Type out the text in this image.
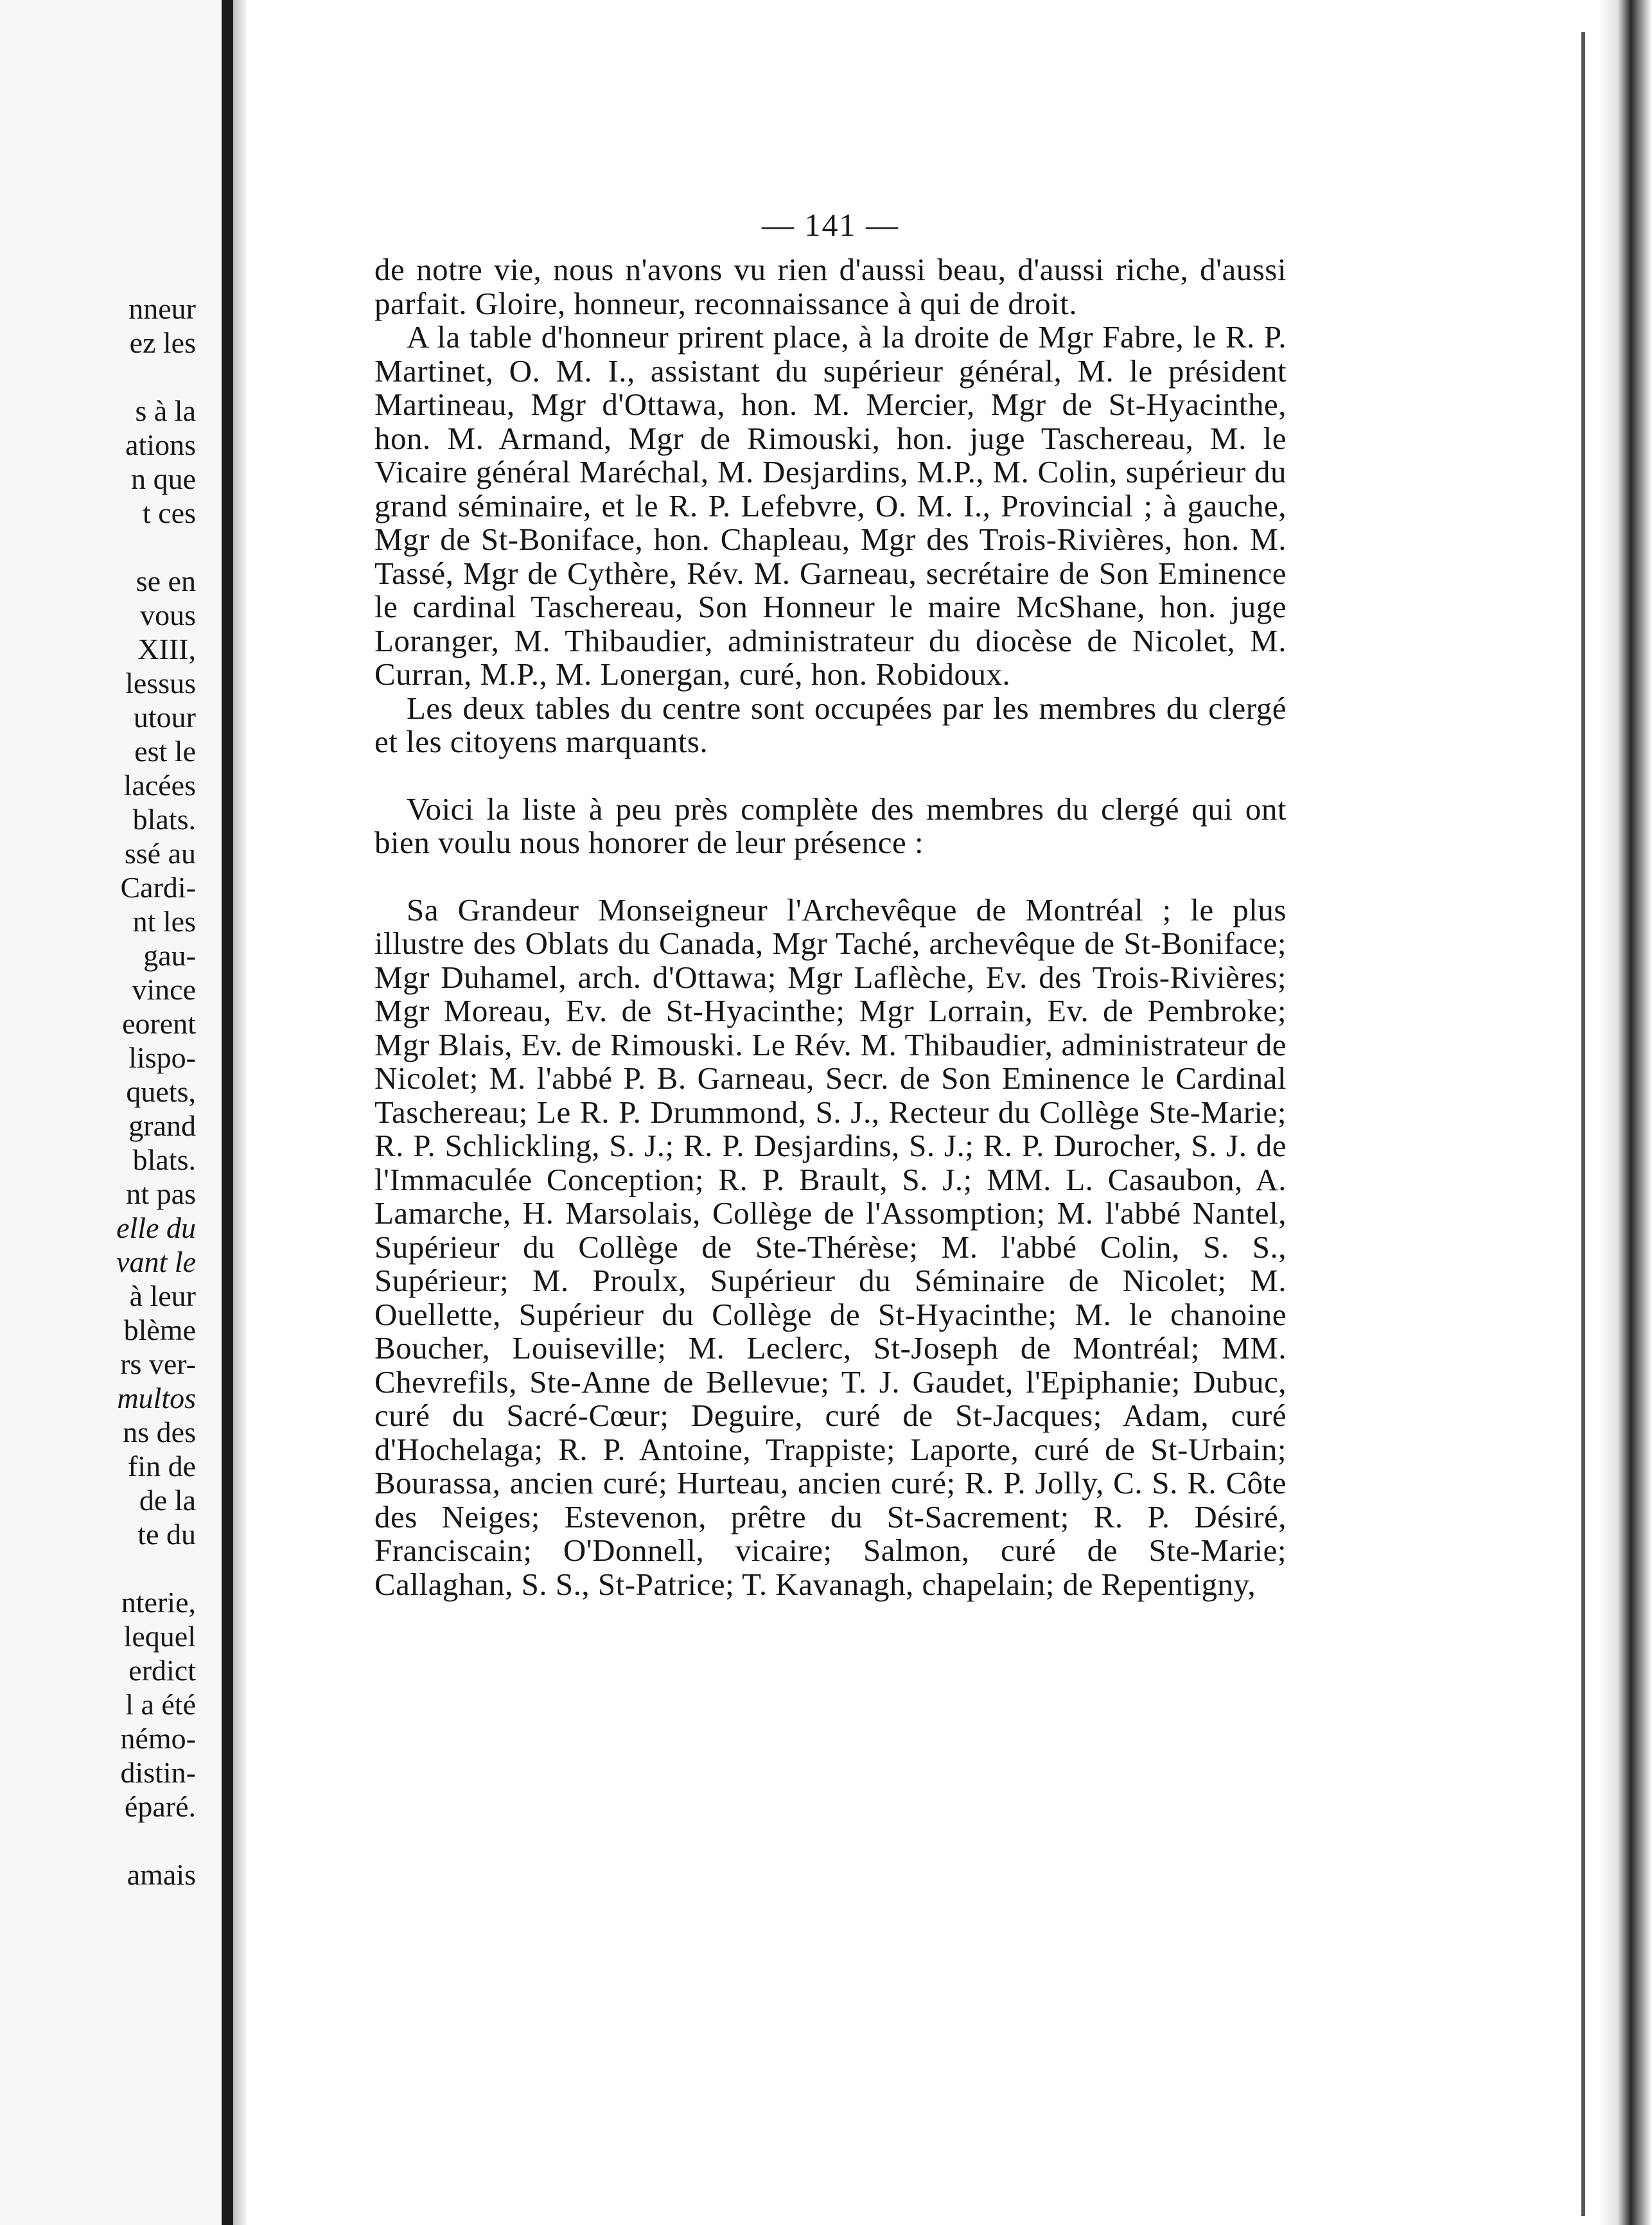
nneur
ez les
s à la
ations
n que
t ces
se en
vous
XIII,
lessus
utour
est le
lacées
blats.
ssé au
Cardi-
nt les
gau-
vince
eorent
lispo-
quets,
grand
blats.
nt pas
elle du
vant le
à leur
blème
rs ver-
multos
ns des
fin de
de la
te du
nterie,
lequel
erdict
l a été
némo-
distin-
éparé.
amais
— 141 —

de notre vie, nous n'avons vu rien d'aussi beau, d'aussi riche, d'aussi parfait. Gloire, honneur, reconnaissance à qui de droit.

A la table d'honneur prirent place, à la droite de Mgr Fabre, le R. P. Martinet, O. M. I., assistant du supérieur général, M. le président Martineau, Mgr d'Ottawa, hon. M. Mercier, Mgr de St-Hyacinthe, hon. M. Armand, Mgr de Rimouski, hon. juge Taschereau, M. le Vicaire général Maréchal, M. Desjardins, M.P., M. Colin, supérieur du grand séminaire, et le R. P. Lefebvre, O. M. I., Provincial ; à gauche, Mgr de St-Boniface, hon. Chapleau, Mgr des Trois-Rivières, hon. M. Tassé, Mgr de Cythère, Rév. M. Garneau, secrétaire de Son Eminence le cardinal Taschereau, Son Honneur le maire McShane, hon. juge Loranger, M. Thibaudier, administrateur du diocèse de Nicolet, M. Curran, M.P., M. Lonergan, curé, hon. Robidoux.

Les deux tables du centre sont occupées par les membres du clergé et les citoyens marquants.

Voici la liste à peu près complète des membres du clergé qui ont bien voulu nous honorer de leur présence :

Sa Grandeur Monseigneur l'Archevêque de Montréal ; le plus illustre des Oblats du Canada, Mgr Taché, archevêque de St-Boniface; Mgr Duhamel, arch. d'Ottawa; Mgr Laflèche, Ev. des Trois-Rivières; Mgr Moreau, Ev. de St-Hyacinthe; Mgr Lorrain, Ev. de Pembroke; Mgr Blais, Ev. de Rimouski. Le Rév. M. Thibaudier, administrateur de Nicolet; M. l'abbé P. B. Garneau, Secr. de Son Eminence le Cardinal Taschereau; Le R. P. Drummond, S. J., Recteur du Collège Ste-Marie; R. P. Schlickling, S. J.; R. P. Desjardins, S. J.; R. P. Durocher, S. J. de l'Immaculée Conception; R. P. Brault, S. J.; MM. L. Casaubon, A. Lamarche, H. Marsolais, Collège de l'Assomption; M. l'abbé Nantel, Supérieur du Collège de Ste-Thérèse; M. l'abbé Colin, S. S., Supérieur; M. Proulx, Supérieur du Séminaire de Nicolet; M. Ouellette, Supérieur du Collège de St-Hyacinthe; M. le chanoine Boucher, Louiseville; M. Leclerc, St-Joseph de Montréal; MM. Chevrefils, Ste-Anne de Bellevue; T. J. Gaudet, l'Epiphanie; Dubuc, curé du Sacré-Cœur; Deguire, curé de St-Jacques; Adam, curé d'Hochelaga; R. P. Antoine, Trappiste; Laporte, curé de St-Urbain; Bourassa, ancien curé; Hurteau, ancien curé; R. P. Jolly, C. S. R. Côte des Neiges; Estevenon, prêtre du St-Sacrement; R. P. Désiré, Franciscain; O'Donnell, vicaire; Salmon, curé de Ste-Marie; Callaghan, S. S., St-Patrice; T. Kavanagh, chapelain; de Repentigny,
